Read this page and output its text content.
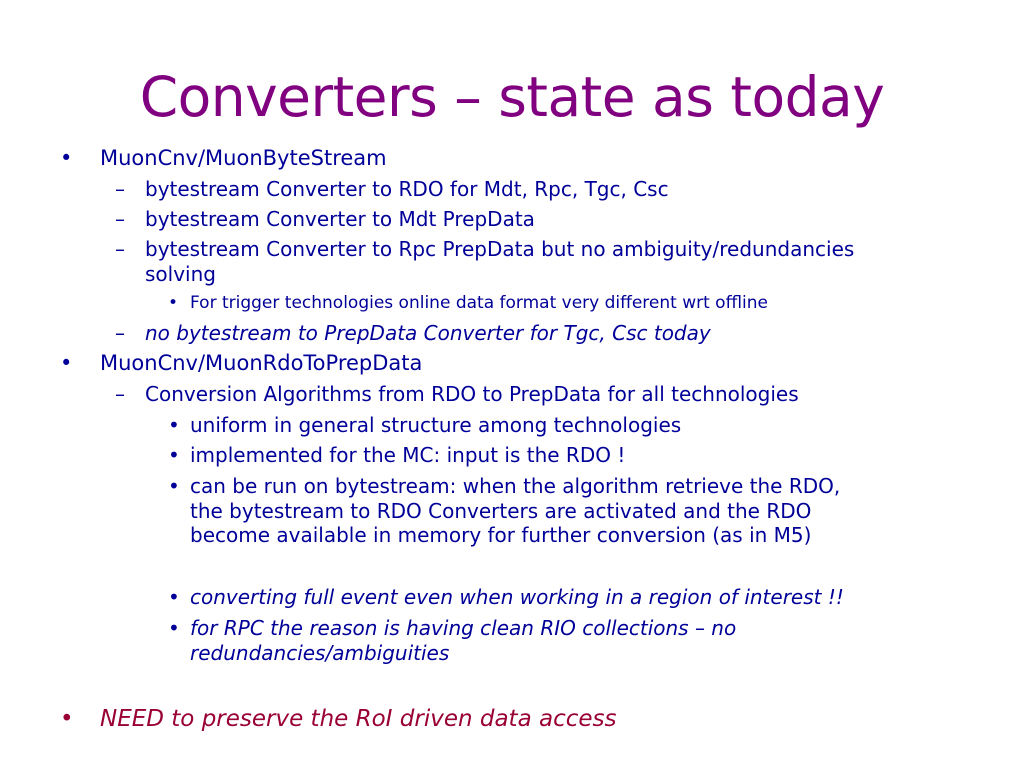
Converters – state as today
• MuonCnv/MuonByteStream
– bytestream Converter to RDO for Mdt, Rpc, Tgc, Csc
– bytestream Converter to Mdt PrepData
– bytestream Converter to Rpc PrepData but no ambiguity/redundancies
solving
• For trigger technologies online data format very different wrt offline
– no bytestream to PrepData Converter for Tgc, Csc today
• MuonCnv/MuonRdoToPrepData
– Conversion Algorithms from RDO to PrepData for all technologies
• uniform in general structure among technologies
• implemented for the MC: input is the RDO !
• can be run on bytestream: when the algorithm retrieve the RDO,
the bytestream to RDO Converters are activated and the RDO
become available in memory for further conversion (as in M5)
• converting full event even when working in a region of interest !!
• for RPC the reason is having clean RIO collections – no
redundancies/ambiguities
• NEED to preserve the RoI driven data access
